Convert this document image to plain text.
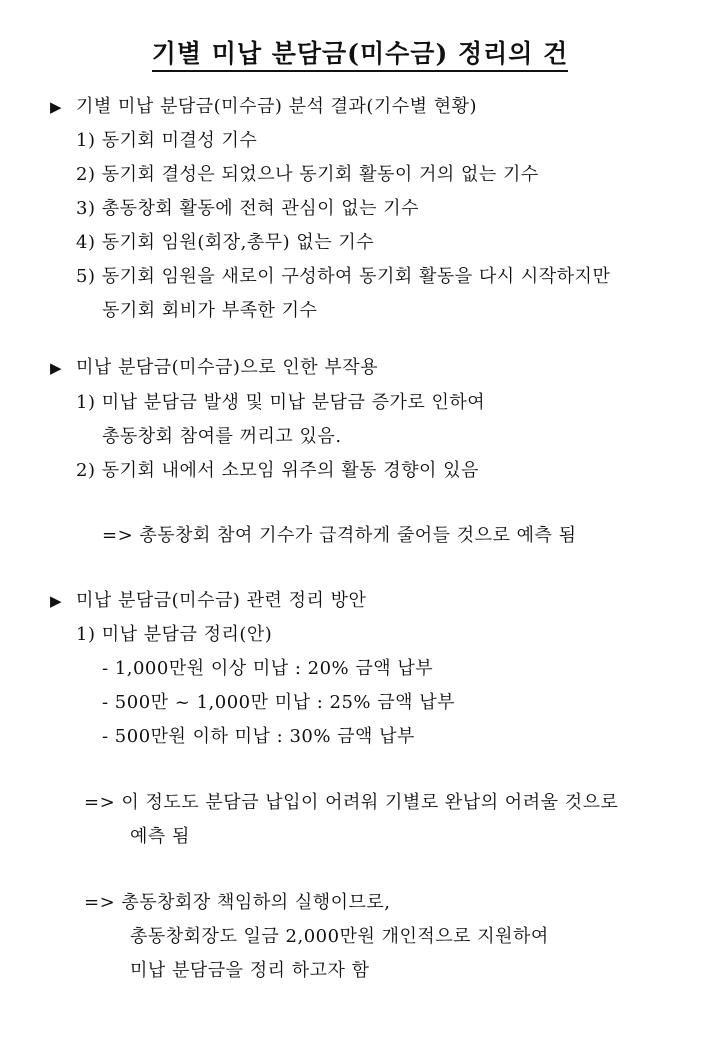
기별 미납 분담금(미수금) 정리의 건
▶ 기별 미납 분담금(미수금) 분석 결과(기수별 현황)
1) 동기회 미결성 기수
2) 동기회 결성은 되었으나 동기회 활동이 거의 없는 기수
3) 총동창회 활동에 전혀 관심이 없는 기수
4) 동기회 임원(회장,총무) 없는 기수
5) 동기회 임원을 새로이 구성하여 동기회 활동을 다시 시작하지만
동기회 회비가 부족한 기수
▶ 미납 분담금(미수금)으로 인한 부작용
1) 미납 분담금 발생 및 미납 분담금 증가로 인하여
총동창회 참여를 꺼리고 있음.
2) 동기회 내에서 소모임 위주의 활동 경향이 있음
=> 총동창회 참여 기수가 급격하게 줄어들 것으로 예측 됨
▶ 미납 분담금(미수금) 관련 정리 방안
1) 미납 분담금 정리(안)
- 1,000만원 이상 미납 : 20% 금액 납부
- 500만 ~ 1,000만 미납 : 25% 금액 납부
- 500만원 이하 미납 : 30% 금액 납부
=> 이 정도도 분담금 납입이 어려워 기별로 완납의 어려울 것으로
예측 됨
=> 총동창회장 책임하의 실행이므로,
총동창회장도 일금 2,000만원 개인적으로 지원하여
미납 분담금을 정리 하고자 함
